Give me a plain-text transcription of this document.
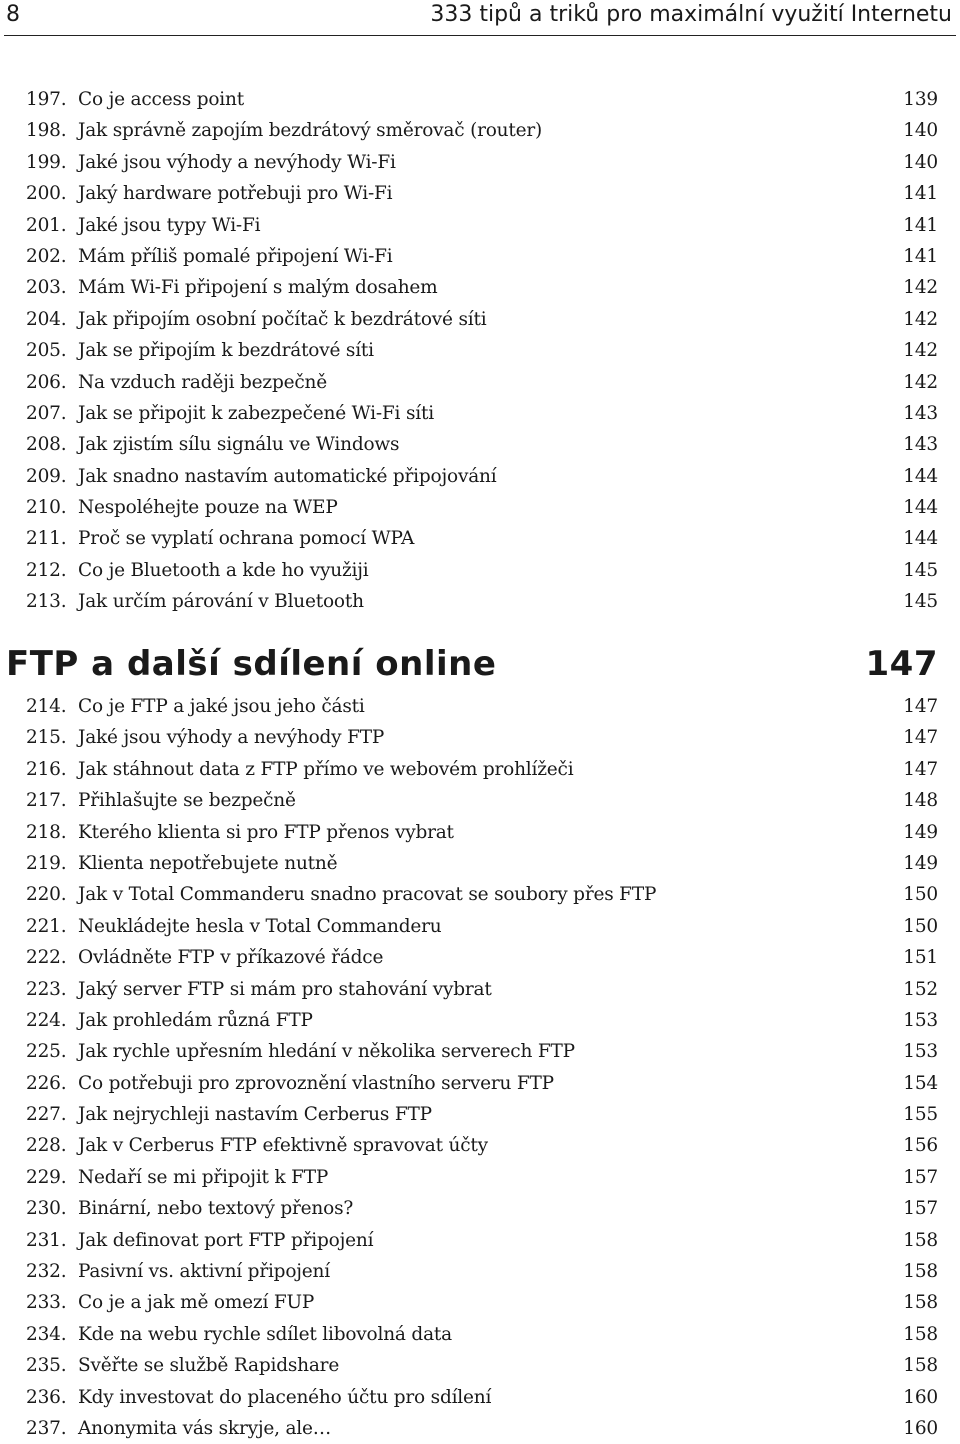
8	333 tipů a triků pro maximální využití Internetu
197. Co je access point	139
198. Jak správně zapojím bezdrátový směrovač (router)	140
199. Jaké jsou výhody a nevýhody Wi-Fi	140
200. Jaký hardware potřebuji pro Wi-Fi	141
201. Jaké jsou typy Wi-Fi	141
202. Mám příliš pomalé připojení Wi-Fi	141
203. Mám Wi-Fi připojení s malým dosahem	142
204. Jak připojím osobní počítač k bezdrátové síti	142
205. Jak se připojím k bezdrátové síti	142
206. Na vzduch raději bezpečně	142
207. Jak se připojit k zabezpečené Wi-Fi síti	143
208. Jak zjistím sílu signálu ve Windows	143
209. Jak snadno nastavím automatické připojování	144
210. Nespoléhejte pouze na WEP	144
211. Proč se vyplatí ochrana pomocí WPA	144
212. Co je Bluetooth a kde ho využiji	145
213. Jak určím párování v Bluetooth	145
FTP a další sdílení online	147
214. Co je FTP a jaké jsou jeho části	147
215. Jaké jsou výhody a nevýhody FTP	147
216. Jak stáhnout data z FTP přímo ve webovém prohlížeči	147
217. Přihlašujte se bezpečně	148
218. Kterého klienta si pro FTP přenos vybrat	149
219. Klienta nepotřebujete nutně	149
220. Jak v Total Commanderu snadno pracovat se soubory přes FTP	150
221. Neukládejte hesla v Total Commanderu	150
222. Ovládněte FTP v příkazové řádce	151
223. Jaký server FTP si mám pro stahování vybrat	152
224. Jak prohledám různá FTP	153
225. Jak rychle upřesním hledání v několika serverech FTP	153
226. Co potřebuji pro zprovoznění vlastního serveru FTP	154
227. Jak nejrychleji nastavím Cerberus FTP	155
228. Jak v Cerberus FTP efektivně spravovat účty	156
229. Nedaří se mi připojit k FTP	157
230. Binární, nebo textový přenos?	157
231. Jak definovat port FTP připojení	158
232. Pasivní vs. aktivní připojení	158
233. Co je a jak mě omezí FUP	158
234. Kde na webu rychle sdílet libovolná data	158
235. Svěřte se službě Rapidshare	158
236. Kdy investovat do placeného účtu pro sdílení	160
237. Anonymita vás skryje, ale…	160
